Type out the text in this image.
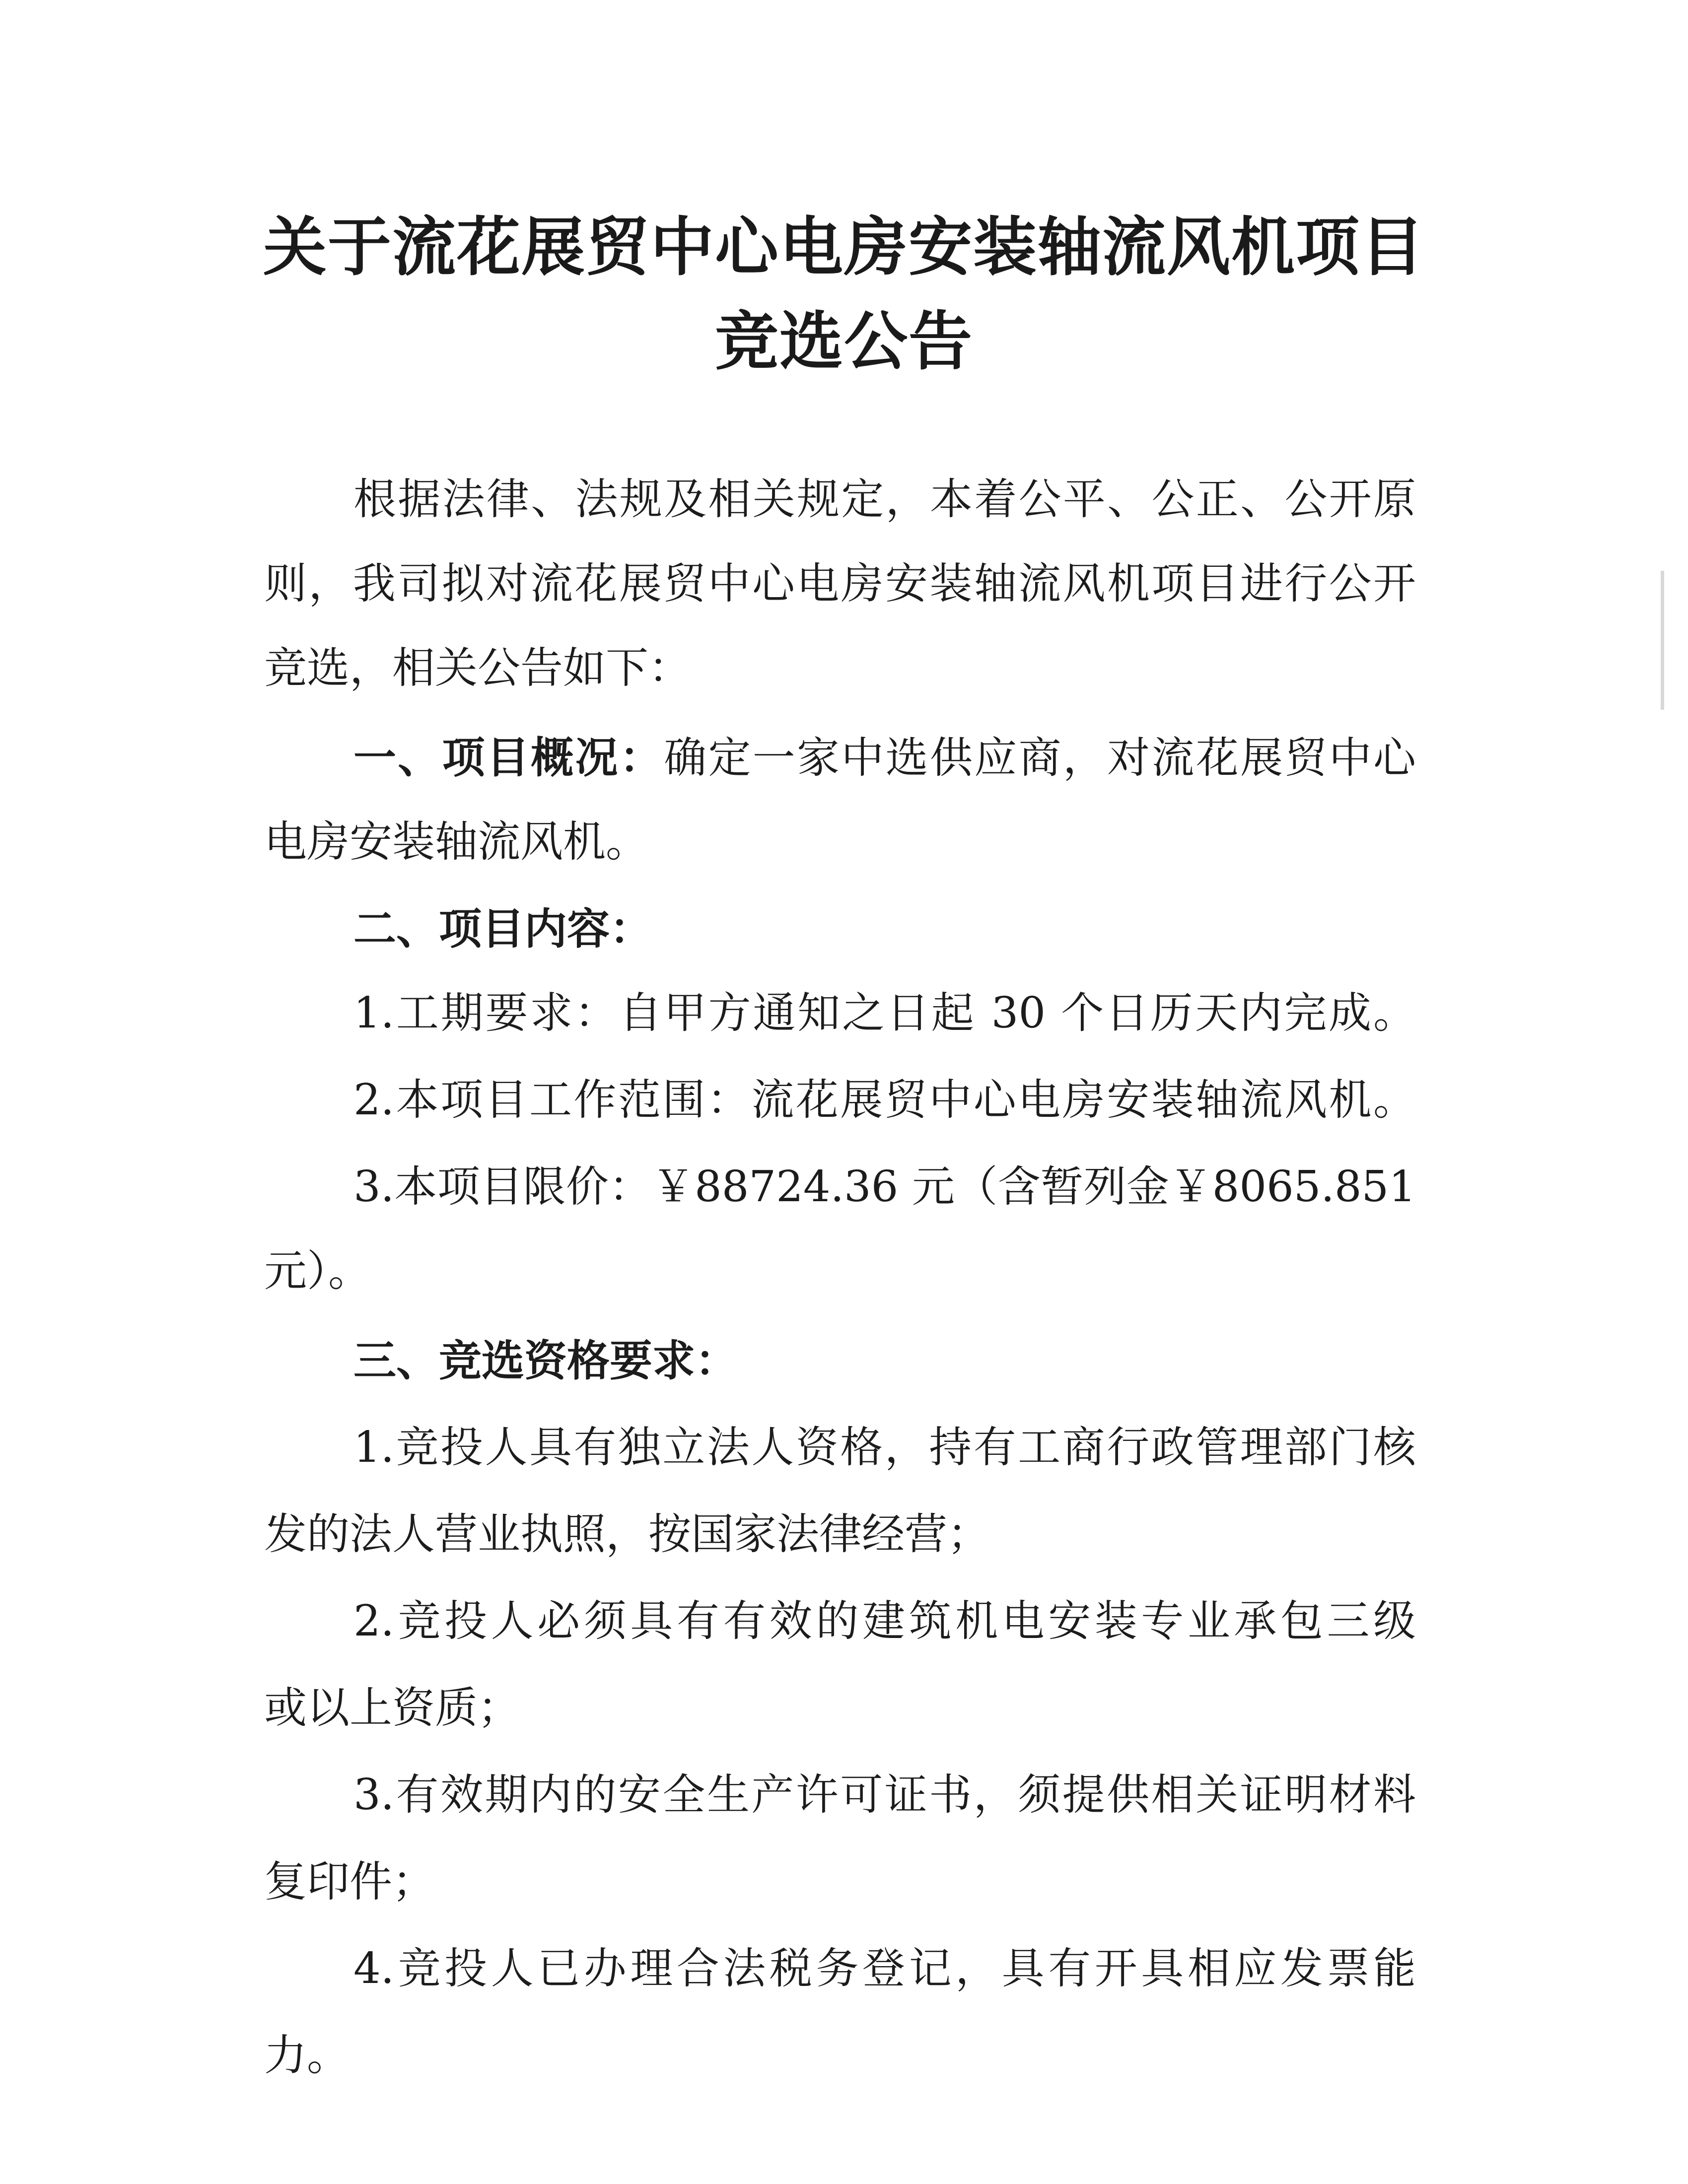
关于流花展贸中心电房安装轴流风机项目
竞选公告
根据法律、法规及相关规定，本着公平、公正、公开原
则，我司拟对流花展贸中心电房安装轴流风机项目进行公开
竞选，相关公告如下：
一、项目概况：确定一家中选供应商，对流花展贸中心
电房安装轴流风机。
二、项目内容：
1.工期要求：自甲方通知之日起 30 个日历天内完成。
2.本项目工作范围：流花展贸中心电房安装轴流风机。
3.本项目限价：￥88724.36 元（含暂列金￥8065.851
元）。
三、竞选资格要求：
1.竞投人具有独立法人资格，持有工商行政管理部门核
发的法人营业执照，按国家法律经营；
2.竞投人必须具有有效的建筑机电安装专业承包三级
或以上资质；
3.有效期内的安全生产许可证书，须提供相关证明材料
复印件；
4.竞投人已办理合法税务登记，具有开具相应发票能
力。
